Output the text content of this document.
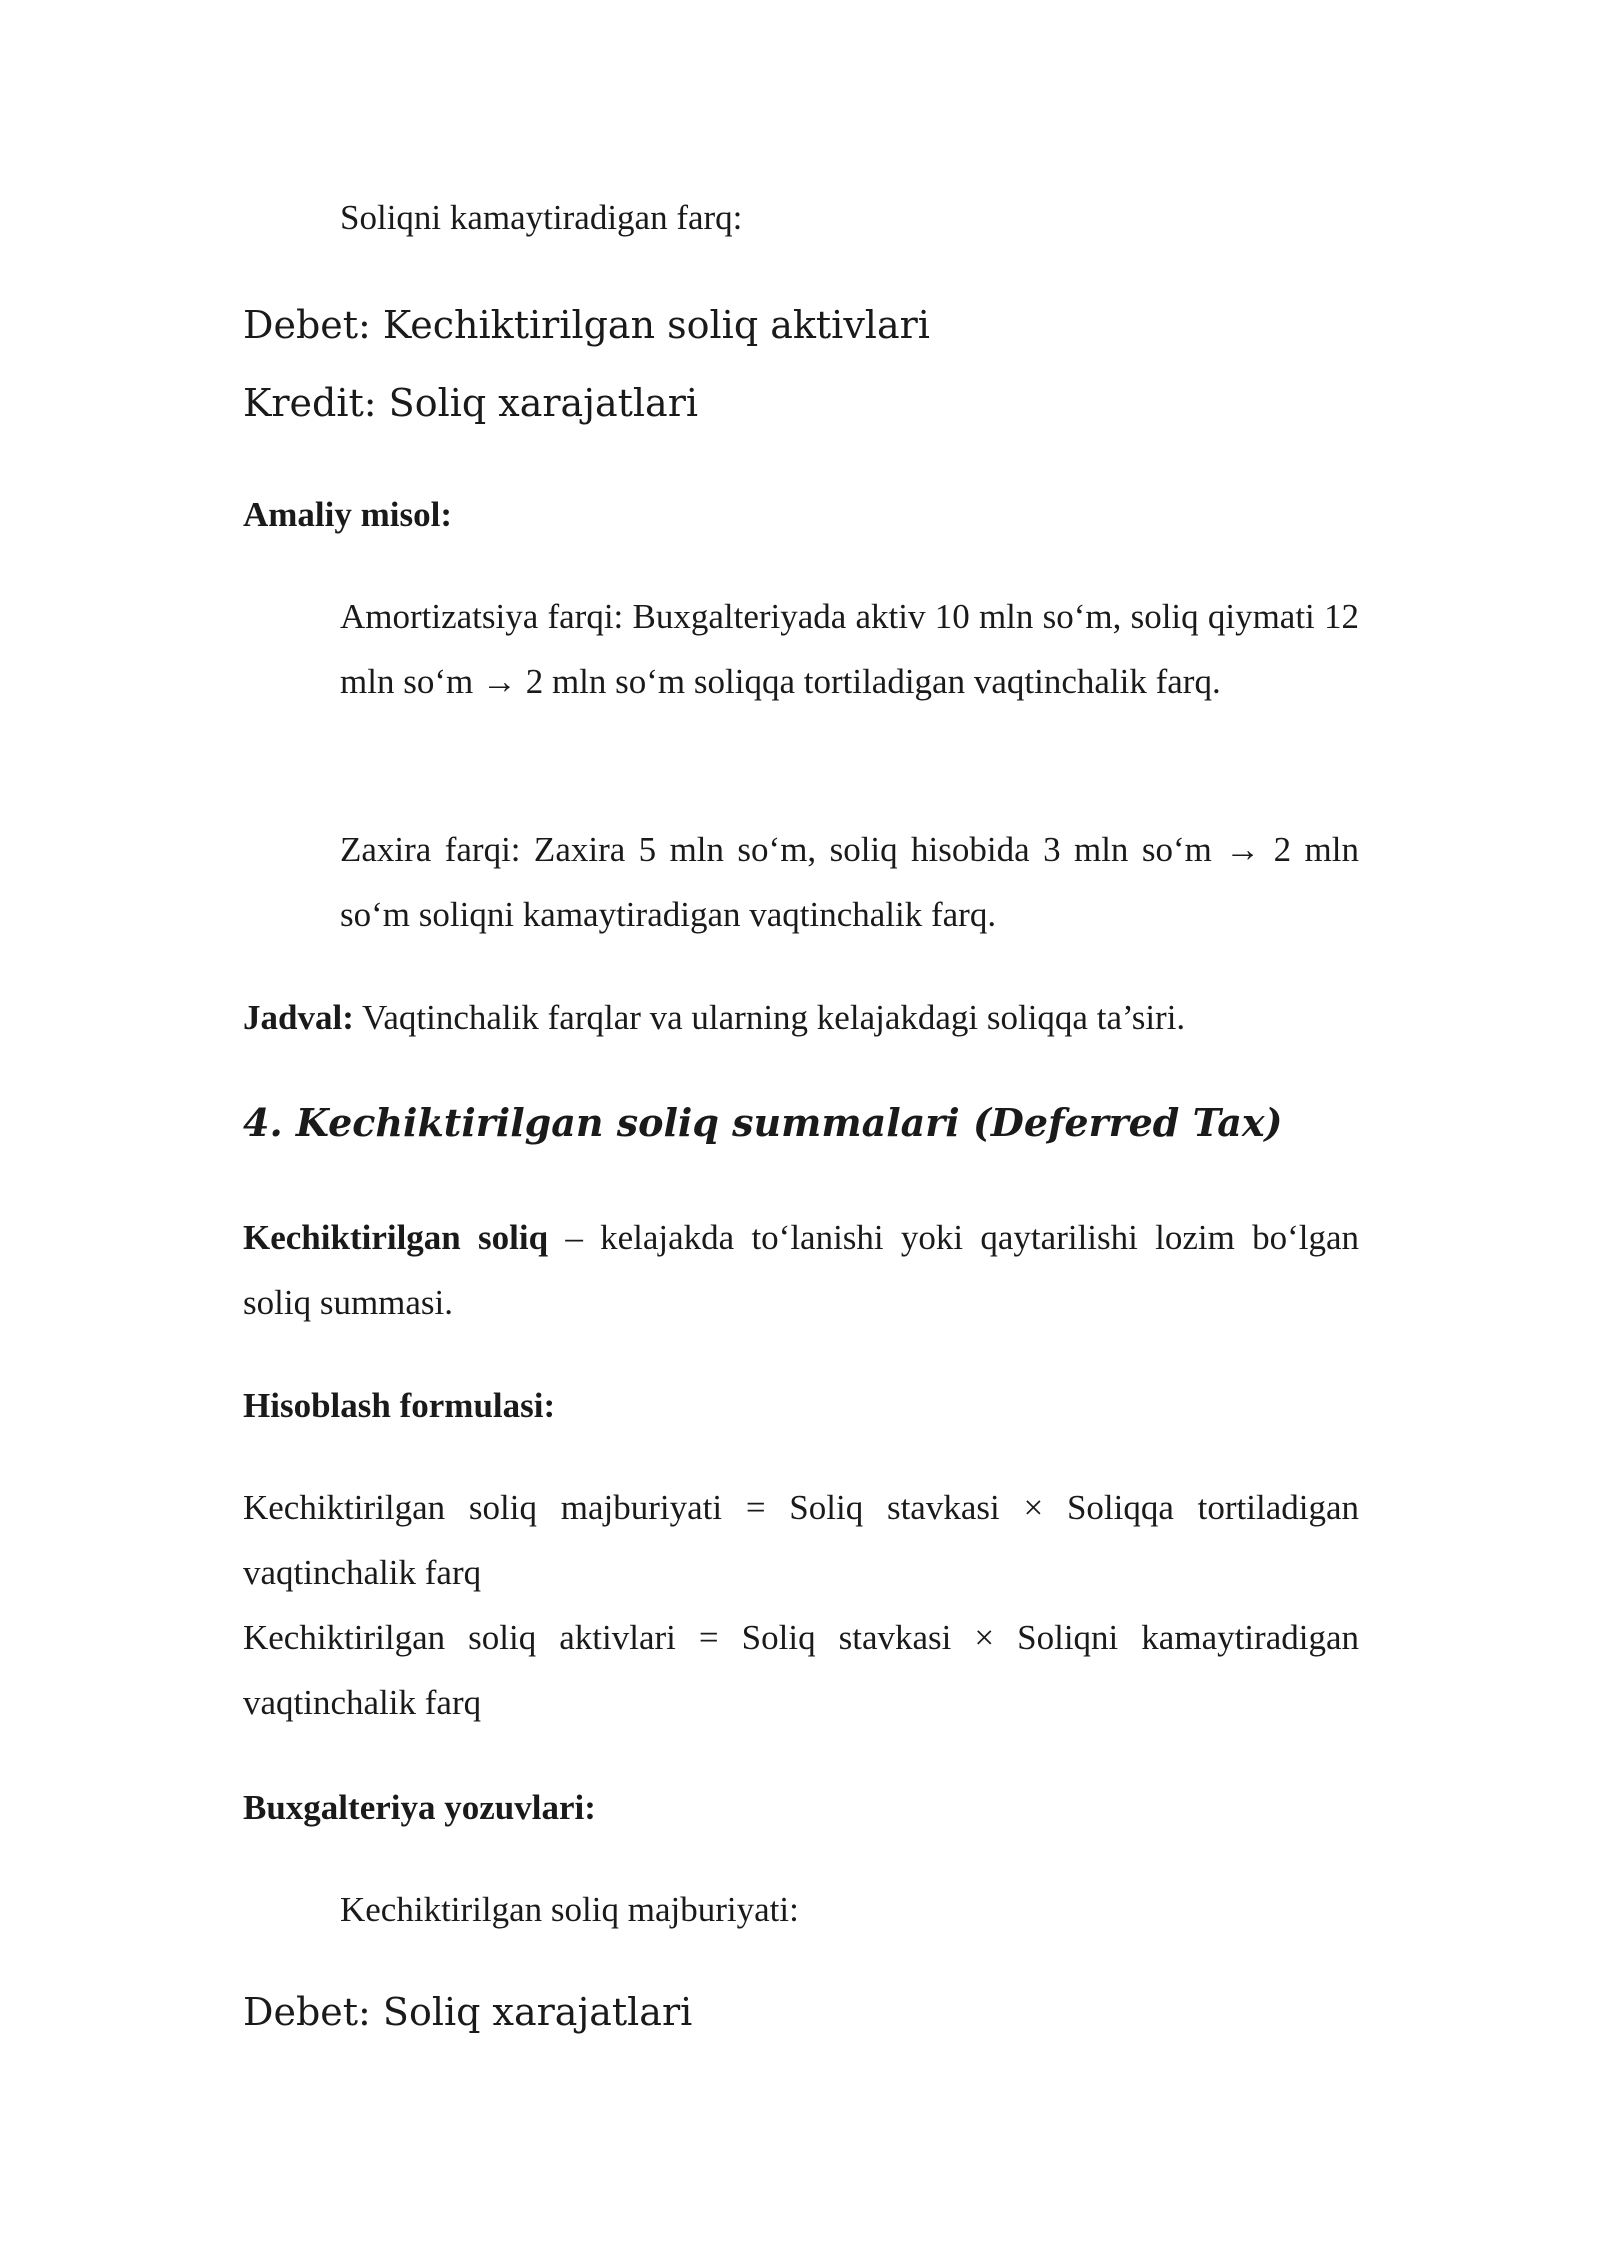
Soliqni kamaytiradigan farq:

Debet: Kechiktirilgan soliq aktivlari

Kredit: Soliq xarajatlari

Amaliy misol:

Amortizatsiya farqi: Buxgalteriyada aktiv 10 mln so‘m, soliq qiymati 12 mln so‘m → 2 mln so‘m soliqqa tortiladigan vaqtinchalik farq.

Zaxira farqi: Zaxira 5 mln so‘m, soliq hisobida 3 mln so‘m → 2 mln so‘m soliqni kamaytiradigan vaqtinchalik farq.

Jadval: Vaqtinchalik farqlar va ularning kelajakdagi soliqqa ta’siri.

4. Kechiktirilgan soliq summalari (Deferred Tax)

Kechiktirilgan soliq – kelajakda to‘lanishi yoki qaytarilishi lozim bo‘lgan soliq summasi.

Hisoblash formulasi:

Kechiktirilgan soliq majburiyati = Soliq stavkasi × Soliqqa tortiladigan vaqtinchalik farq

Kechiktirilgan soliq aktivlari = Soliq stavkasi × Soliqni kamaytiradigan vaqtinchalik farq

Buxgalteriya yozuvlari:

Kechiktirilgan soliq majburiyati:

Debet: Soliq xarajatlari
